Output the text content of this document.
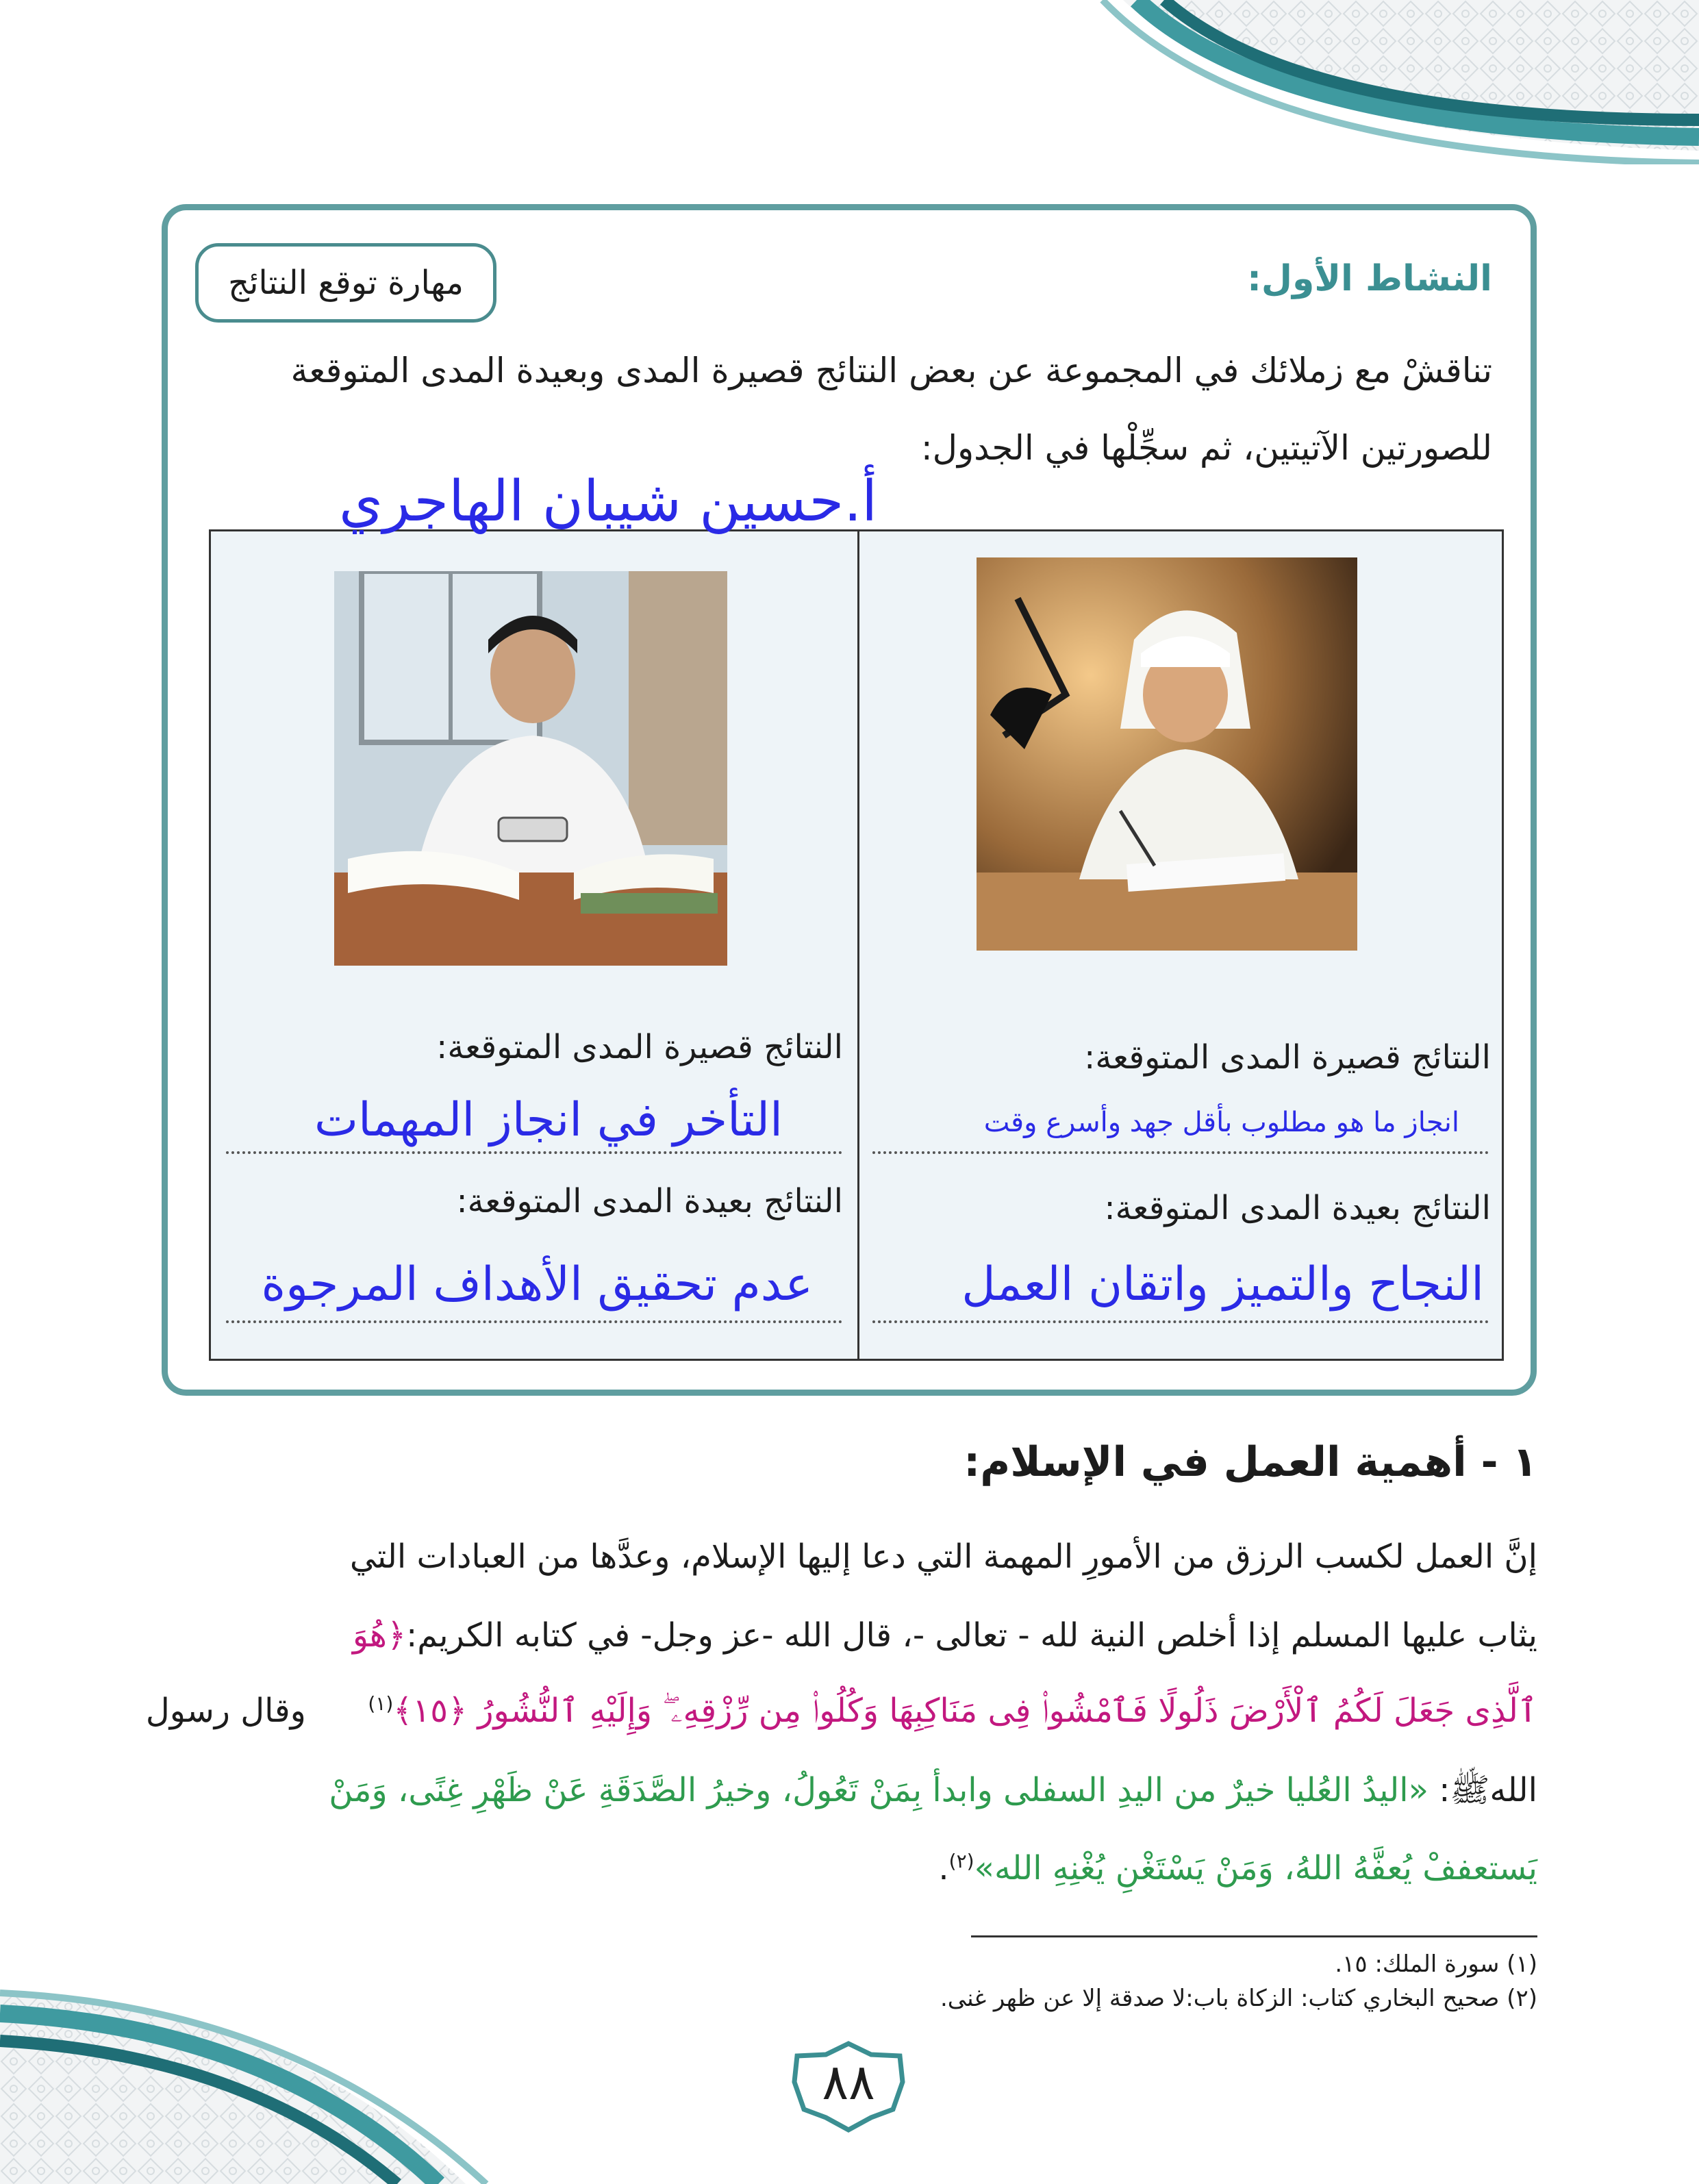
النشاط الأول:
مهارة توقع النتائج
تناقشْ مع زملائك في المجموعة عن بعض النتائج قصيرة المدى وبعيدة المدى المتوقعة
للصورتين الآتيتين، ثم سجِّلْها في الجدول:
أ.حسين شيبان الهاجري
النتائج قصيرة المدى المتوقعة:
انجاز ما هو مطلوب بأقل جهد وأسرع وقت
النتائج بعيدة المدى المتوقعة:
النجاح والتميز واتقان العمل
النتائج قصيرة المدى المتوقعة:
التأخر في انجاز المهمات
النتائج بعيدة المدى المتوقعة:
عدم تحقيق الأهداف المرجوة
١ - أهمية العمل في الإسلام:
إنَّ العمل لكسب الرزق من الأمورِ المهمة التي دعا إليها الإسلام، وعدَّها من العبادات التي
يثاب عليها المسلم إذا أخلص النية لله - تعالى -، قال الله -عز وجل- في كتابه الكريم:﴿هُوَ
ٱلَّذِى جَعَلَ لَكُمُ ٱلْأَرْضَ ذَلُولًا فَٱمْشُوا۟ فِى مَنَاكِبِهَا وَكُلُوا۟ مِن رِّزْقِهِۦ ۖ وَإِلَيْهِ ٱلنُّشُورُ ﴿١٥﴾$^{(١)}$  وقال رسول
اللهﷺ: «اليدُ العُليا خيرٌ من اليدِ السفلى وابدأ بِمَنْ تَعُولُ، وخيرُ الصَّدَقَةِ عَنْ ظَهْرِ غِنًى، وَمَنْ
يَستعففْ يُعفَّهُ اللهُ، وَمَنْ يَسْتَغْنِ يُغْنِهِ الله»$^{(٢)}$.
(١) سورة الملك: ١٥.
(٢) صحيح البخاري كتاب: الزكاة باب:لا صدقة إلا عن ظهر غنى.
٨٨
